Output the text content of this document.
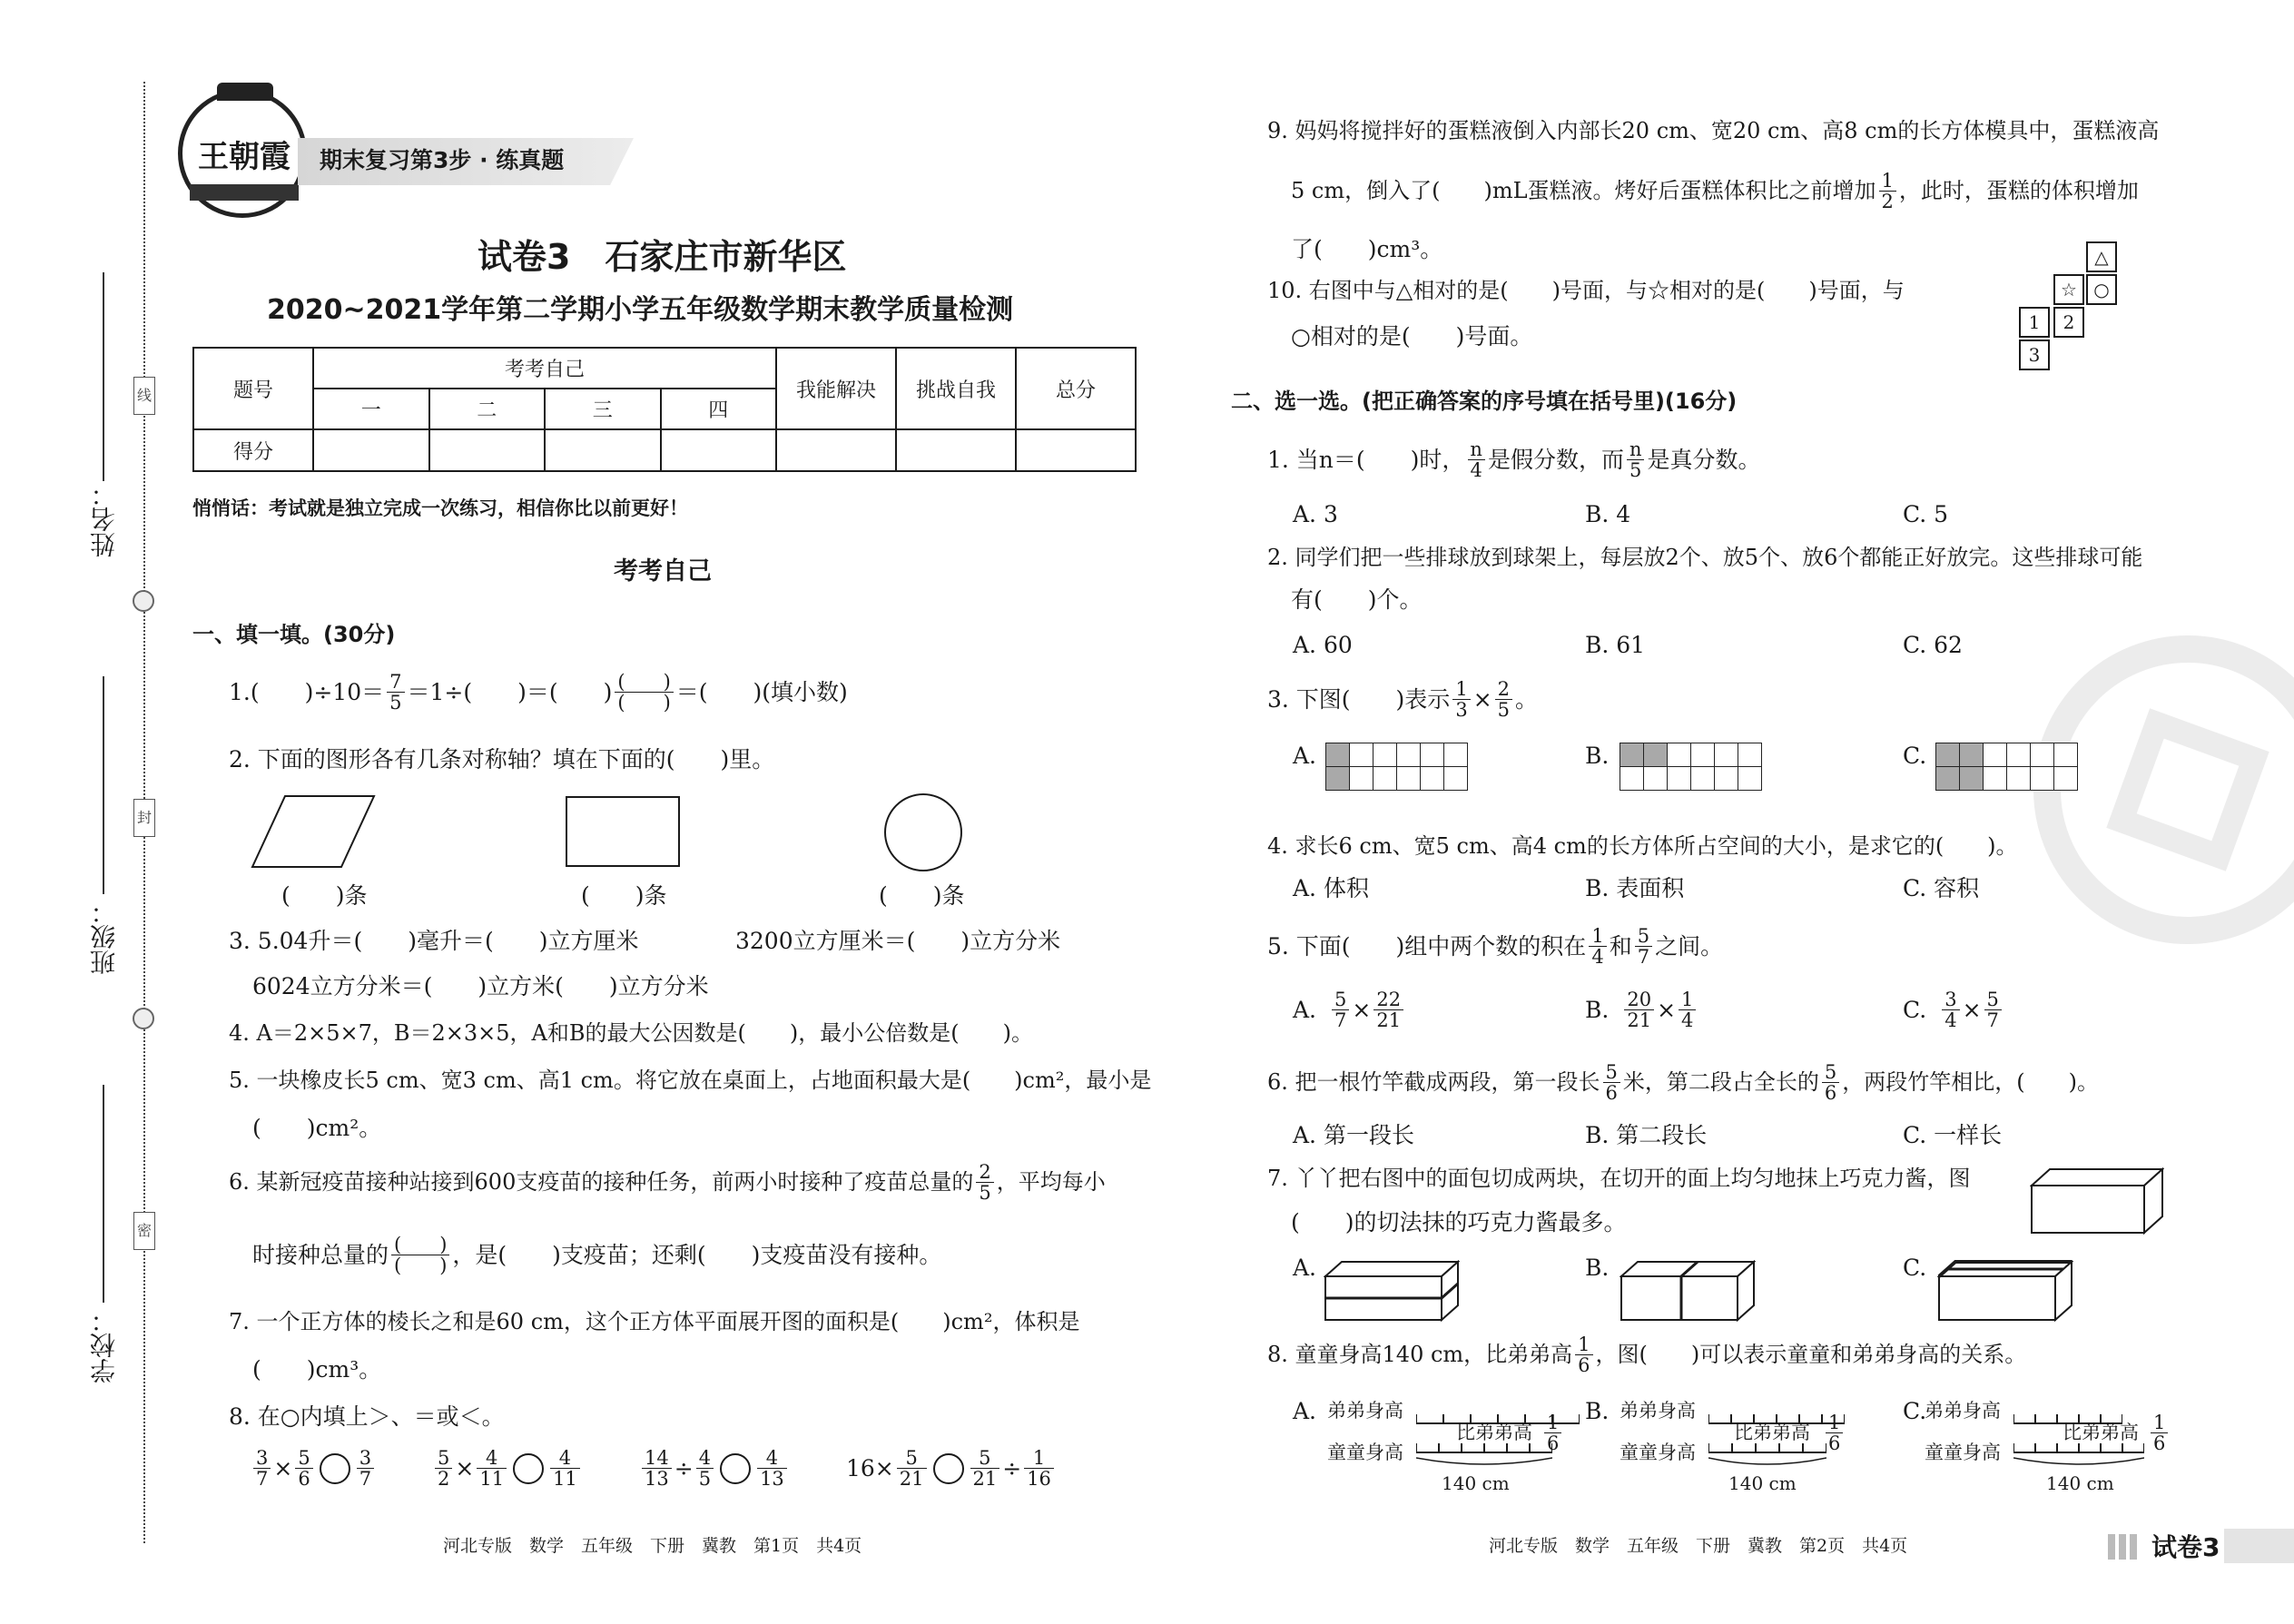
线
封
密
姓名：
班级：
学校：
王朝霞	期末复习第3步 · 练真题
试卷3　石家庄市新华区
2020~2021学年第二学期小学五年级数学期末教学质量检测
题号	考考自己				我能解决	挑战自我	总分
	一	二	三	四			
得分							
悄悄话：考试就是独立完成一次练习，相信你比以前更好！
考考自己
一、填一填。(30分)
1.(　　)$\div 10= \frac{7}{5} =1\div$(　　)＝(　　) $\frac{( )}{( )}$ ＝(　　)(填小数)
2. 下面的图形各有几条对称轴？填在下面的(　　)里。
(　　)条	(　　)条	(　　)条
3. 5.04升＝(　　)毫升＝(　　)立方厘米	3200立方厘米＝(　　)立方分米
6024立方分米＝(　　)立方米(　　)立方分米
4. A＝2×5×7，B＝2×3×5，A和B的最大公因数是(　　)，最小公倍数是(　　)。
5. 一块橡皮长5 cm、宽3 cm、高1 cm。将它放在桌面上，占地面积最大是(　　)cm²，最小是
(　　)cm²。
6. 某新冠疫苗接种站接到600支疫苗的接种任务，前两小时接种了疫苗总量的 $\frac{2}{5}$ ，平均每小
时接种总量的 $\frac{( )}{( )}$ ，是(　　)支疫苗；还剩(　　)支疫苗没有接种。
7. 一个正方体的棱长之和是60 cm，这个正方体平面展开图的面积是(　　)cm²，体积是
(　　)cm³。
8. 在○内填上＞、＝或＜。
$\frac{3}{7} \times \frac{5}{6} \frac{3}{7}$	$\frac{5}{2} \times \frac{4}{11} \frac{4}{11}$	$\frac{14}{13} \div \frac{4}{5} \frac{4}{13}$	$16\times \frac{5}{21} \frac{5}{21} \div \frac{1}{16}$
河北专版　数学　五年级　下册　冀教　第1页　共4页
9. 妈妈将搅拌好的蛋糕液倒入内部长20 cm、宽20 cm、高8 cm的长方体模具中，蛋糕液高
5 cm，倒入了(　　)mL蛋糕液。烤好后蛋糕体积比之前增加 $\frac{1}{2}$ ，此时，蛋糕的体积增加
了(　　)cm³。
10. 右图中与△相对的是(　　)号面，与☆相对的是(　　)号面，与
○相对的是(　　)号面。
△
☆ ○
1	2
3
二、选一选。(把正确答案的序号填在括号里)(16分)
1. 当n＝(　　)时， $\frac{n}{4}$ 是假分数，而 $\frac{n}{5}$ 是真分数。
A. 3	B. 4	C. 5
2. 同学们把一些排球放到球架上，每层放2个、放5个、放6个都能正好放完。这些排球可能
有(　　)个。
A. 60	B. 61	C. 62
3. 下图(　　)表示 $\frac{1}{3} \times \frac{2}{5}$ 。
A.	B.	C.
4. 求长6 cm、宽5 cm、高4 cm的长方体所占空间的大小，是求它的(　　)。
A. 体积	B. 表面积	C. 容积
5. 下面(　　)组中两个数的积在 $\frac{1}{4}$ 和 $\frac{5}{7}$ 之间。
A. $\frac{5}{7} \times \frac{22}{21}$	B. $\frac{20}{21} \times \frac{1}{4}$	C. $\frac{3}{4} \times \frac{5}{7}$
6. 把一根竹竿截成两段，第一段长 $\frac{5}{6}$ 米，第二段占全长的 $\frac{5}{6}$ ，两段竹竿相比，(　　)。
A. 第一段长	B. 第二段长	C. 一样长
7. 丫丫把右图中的面包切成两块，在切开的面上均匀地抹上巧克力酱，图
(　　)的切法抹的巧克力酱最多。
A.	B.	C.
8. 童童身高140 cm，比弟弟高 $\frac{1}{6}$ ，图(　　)可以表示童童和弟弟身高的关系。
A. 弟弟身高
比弟弟高 $\frac{1}{6}$
童童身高
140 cm
B. 弟弟身高
比弟弟高 $\frac{1}{6}$
童童身高
140 cm
C.
弟弟身高
比弟弟高 $\frac{1}{6}$
童童身高
140 cm
河北专版　数学　五年级　下册　冀教　第2页　共4页	试卷3
